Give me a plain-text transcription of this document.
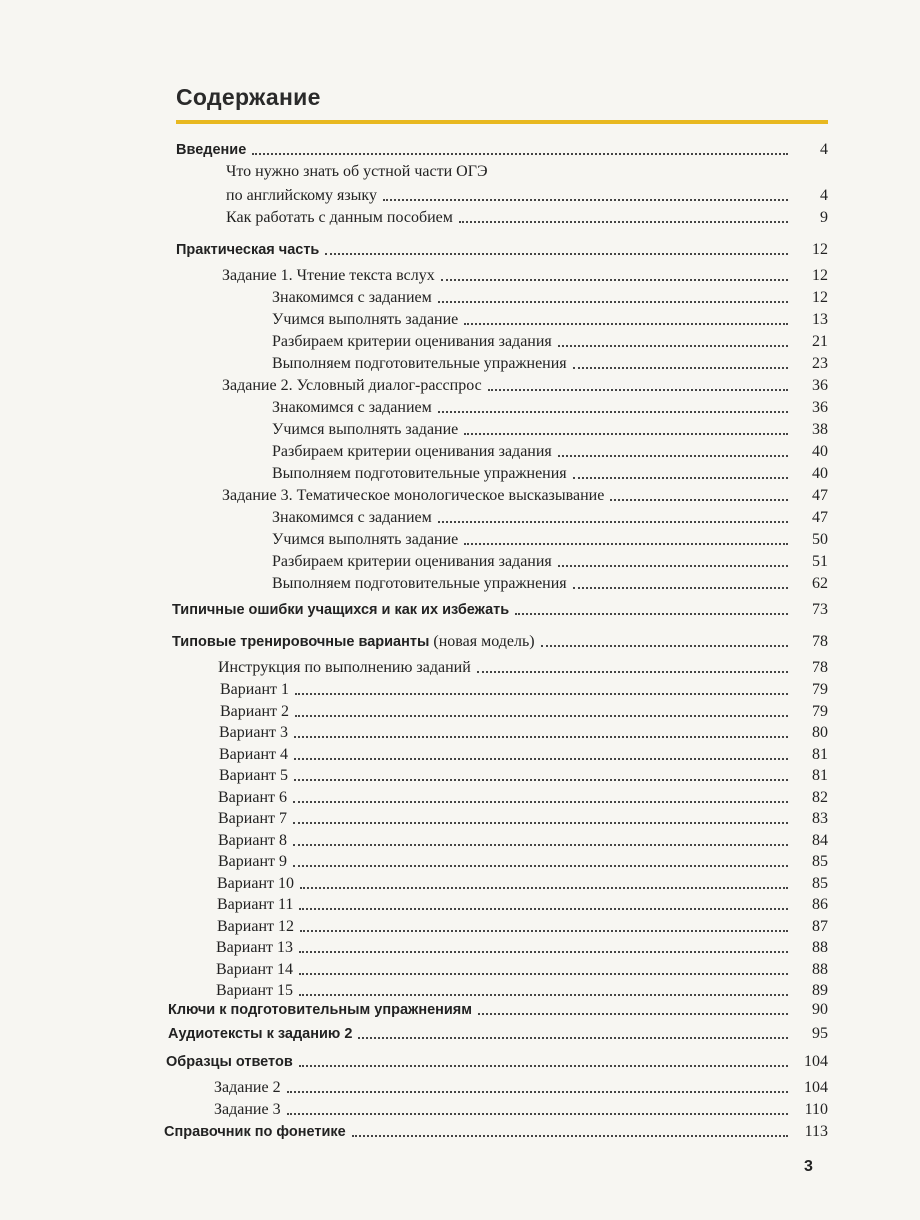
Содержание
Введение	4
Что нужно знать об устной части ОГЭ
по английскому языку	4
Как работать с данным пособием	9
Практическая часть	12
Задание 1. Чтение текста вслух	12
Знакомимся с заданием	12
Учимся выполнять задание	13
Разбираем критерии оценивания задания	21
Выполняем подготовительные упражнения	23
Задание 2. Условный диалог-расспрос	36
Знакомимся с заданием	36
Учимся выполнять задание	38
Разбираем критерии оценивания задания	40
Выполняем подготовительные упражнения	40
Задание 3. Тематическое монологическое высказывание	47
Знакомимся с заданием	47
Учимся выполнять задание	50
Разбираем критерии оценивания задания	51
Выполняем подготовительные упражнения	62
Типичные ошибки учащихся и как их избежать	73
Типовые тренировочные варианты (новая модель)	78
Инструкция по выполнению заданий	78
Вариант 1	79
Вариант 2	79
Вариант 3	80
Вариант 4	81
Вариант 5	81
Вариант 6	82
Вариант 7	83
Вариант 8	84
Вариант 9	85
Вариант 10	85
Вариант 11	86
Вариант 12	87
Вариант 13	88
Вариант 14	88
Вариант 15	89
Ключи к подготовительным упражнениям	90
Аудиотексты к заданию 2	95
Образцы ответов	104
Задание 2	104
Задание 3	110
Справочник по фонетике	113
3
